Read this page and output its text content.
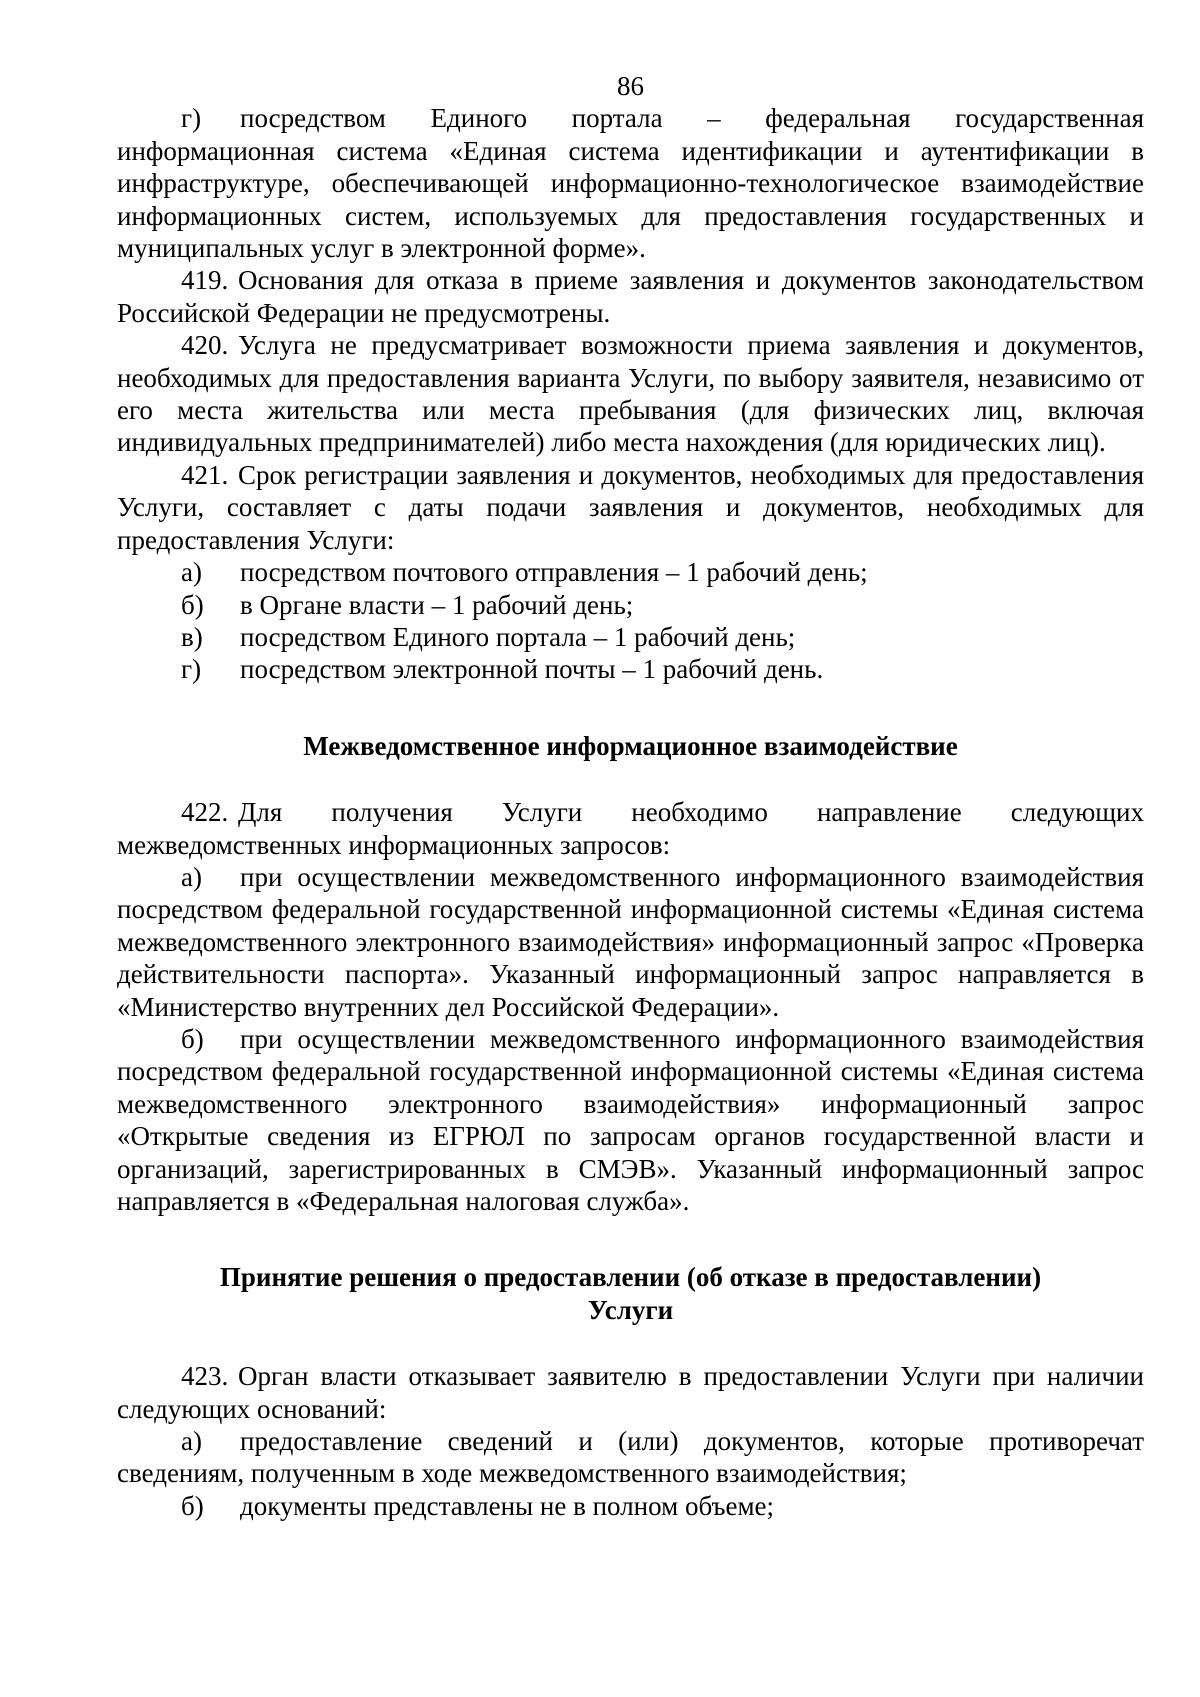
86

г) посредством Единого портала – федеральная государственная информационная система «Единая система идентификации и аутентификации в инфраструктуре, обеспечивающей информационно-технологическое взаимодействие информационных систем, используемых для предоставления государственных и муниципальных услуг в электронной форме».

419. Основания для отказа в приеме заявления и документов законодательством Российской Федерации не предусмотрены.

420. Услуга не предусматривает возможности приема заявления и документов, необходимых для предоставления варианта Услуги, по выбору заявителя, независимо от его места жительства или места пребывания (для физических лиц, включая индивидуальных предпринимателей) либо места нахождения (для юридических лиц).

421. Срок регистрации заявления и документов, необходимых для предоставления Услуги, составляет с даты подачи заявления и документов, необходимых для предоставления Услуги:

а) посредством почтового отправления – 1 рабочий день;

б) в Органе власти – 1 рабочий день;

в) посредством Единого портала – 1 рабочий день;

г) посредством электронной почты – 1 рабочий день.

Межведомственное информационное взаимодействие

422. Для получения Услуги необходимо направление следующих межведомственных информационных запросов:

а) при осуществлении межведомственного информационного взаимодействия посредством федеральной государственной информационной системы «Единая система межведомственного электронного взаимодействия» информационный запрос «Проверка действительности паспорта». Указанный информационный запрос направляется в «Министерство внутренних дел Российской Федерации».

б) при осуществлении межведомственного информационного взаимодействия посредством федеральной государственной информационной системы «Единая система межведомственного электронного взаимодействия» информационный запрос «Открытые сведения из ЕГРЮЛ по запросам органов государственной власти и организаций, зарегистрированных в СМЭВ». Указанный информационный запрос направляется в «Федеральная налоговая служба».

Принятие решения о предоставлении (об отказе в предоставлении)
Услуги

423. Орган власти отказывает заявителю в предоставлении Услуги при наличии следующих оснований:

а) предоставление сведений и (или) документов, которые противоречат сведениям, полученным в ходе межведомственного взаимодействия;

б) документы представлены не в полном объеме;
